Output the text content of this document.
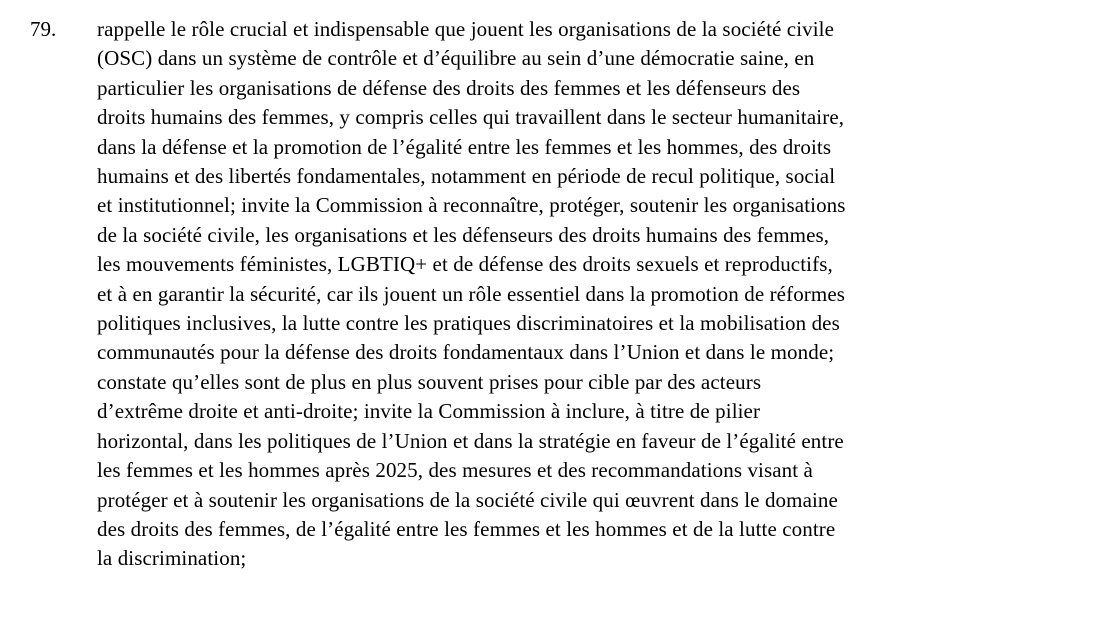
79.	rappelle le rôle crucial et indispensable que jouent les organisations de la société civile
(OSC) dans un système de contrôle et d’équilibre au sein d’une démocratie saine, en
particulier les organisations de défense des droits des femmes et les défenseurs des
droits humains des femmes, y compris celles qui travaillent dans le secteur humanitaire,
dans la défense et la promotion de l’égalité entre les femmes et les hommes, des droits
humains et des libertés fondamentales, notamment en période de recul politique, social
et institutionnel; invite la Commission à reconnaître, protéger, soutenir les organisations
de la société civile, les organisations et les défenseurs des droits humains des femmes,
les mouvements féministes, LGBTIQ+ et de défense des droits sexuels et reproductifs,
et à en garantir la sécurité, car ils jouent un rôle essentiel dans la promotion de réformes
politiques inclusives, la lutte contre les pratiques discriminatoires et la mobilisation des
communautés pour la défense des droits fondamentaux dans l’Union et dans le monde;
constate qu’elles sont de plus en plus souvent prises pour cible par des acteurs
d’extrême droite et anti-droite; invite la Commission à inclure, à titre de pilier
horizontal, dans les politiques de l’Union et dans la stratégie en faveur de l’égalité entre
les femmes et les hommes après 2025, des mesures et des recommandations visant à
protéger et à soutenir les organisations de la société civile qui œuvrent dans le domaine
des droits des femmes, de l’égalité entre les femmes et les hommes et de la lutte contre
la discrimination;
